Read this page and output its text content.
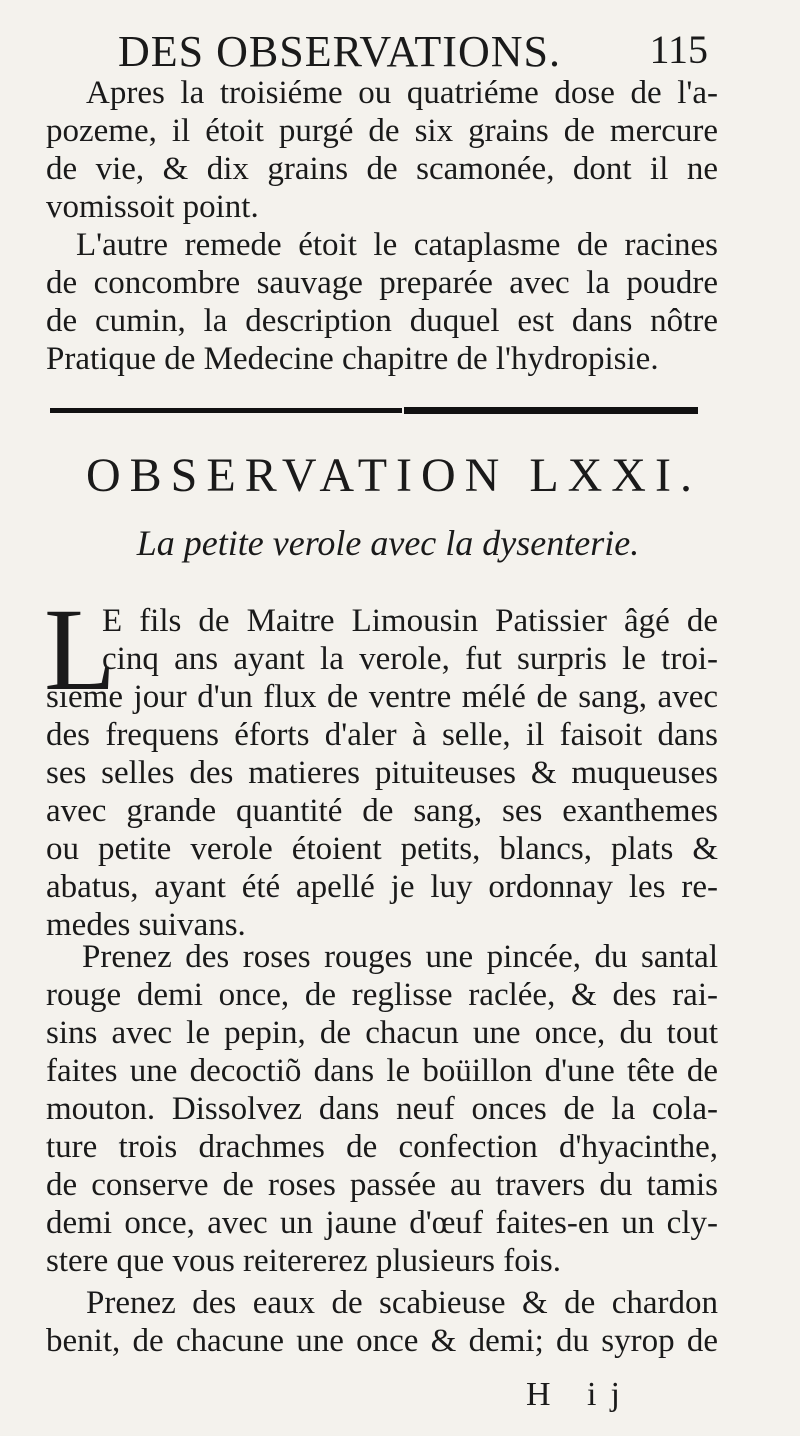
DES OBSERVATIONS. 115
Apres la troisiéme ou quatriéme dose de l'a-
pozeme, il étoit purgé de six grains de mercure
de vie, & dix grains de scamonée, dont il ne
vomissoit point.
L'autre remede étoit le cataplasme de racines
de concombre sauvage preparée avec la poudre
de cumin, la description duquel est dans nôtre
Pratique de Medecine chapitre de l'hydropisie.
OBSERVATION LXXI.
La petite verole avec la dysenterie.
L
E fils de Maitre Limousin Patissier âgé de
cinq ans ayant la verole, fut surpris le troi-
siéme jour d'un flux de ventre mélé de sang, avec
des frequens éforts d'aler à selle, il faisoit dans
ses selles des matieres pituiteuses & muqueuses
avec grande quantité de sang, ses exanthemes
ou petite verole étoient petits, blancs, plats &
abatus, ayant été apellé je luy ordonnay les re-
medes suivans.
Prenez des roses rouges une pincée, du santal
rouge demi once, de reglisse raclée, & des rai-
sins avec le pepin, de chacun une once, du tout
faites une decoctiõ dans le boüillon d'une tête de
mouton. Dissolvez dans neuf onces de la cola-
ture trois drachmes de confection d'hyacinthe,
de conserve de roses passée au travers du tamis
demi once, avec un jaune d'œuf faites-en un cly-
stere que vous reitererez plusieurs fois.
Prenez des eaux de scabieuse & de chardon
benit, de chacune une once & demi; du syrop de
H ij
